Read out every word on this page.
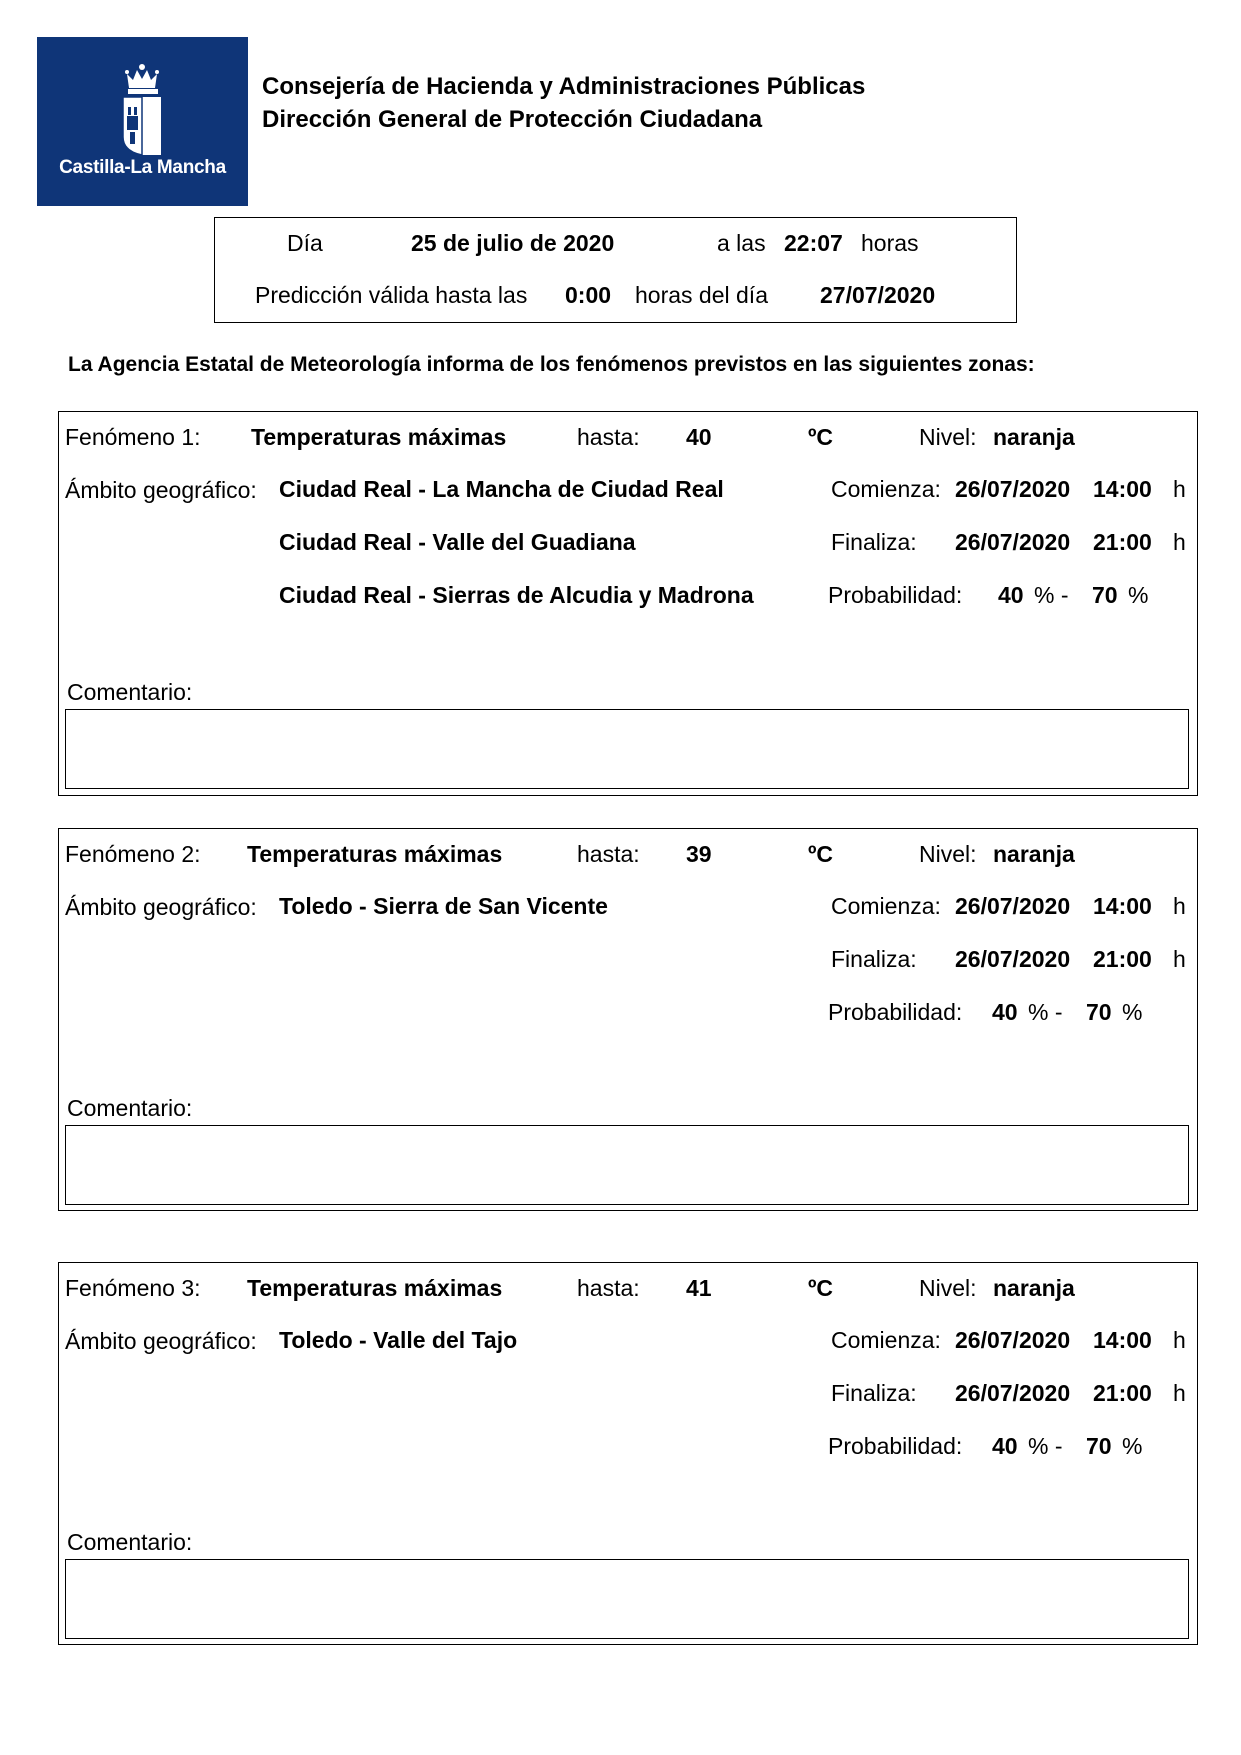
Castilla-La Mancha
Consejería de Hacienda y Administraciones Públicas
Dirección General de Protección Ciudadana
Día	25 de julio de 2020	a las 22:07 horas
Predicción válida hasta las 0:00 horas del día 27/07/2020
La Agencia Estatal de Meteorología informa de los fenómenos previstos en las siguientes zonas:
Fenómeno 1: Temperaturas máximas	hasta: 40	ºC	Nivel: naranja
Ámbito geográfico: Ciudad Real - La Mancha de Ciudad Real
Ciudad Real - Valle del Guadiana
Ciudad Real - Sierras de Alcudia y Madrona
Comienza: 26/07/2020 14:00 h
Finaliza: 26/07/2020 21:00 h
Probabilidad: 40 % - 70 %
Comentario:
Fenómeno 2: Temperaturas máximas	hasta: 39	ºC	Nivel: naranja
Ámbito geográfico: Toledo - Sierra de San Vicente	Comienza: 26/07/2020 14:00 h
Finaliza: 26/07/2020 21:00 h
Probabilidad: 40 % - 70 %
Comentario:
Fenómeno 3: Temperaturas máximas	hasta: 41	ºC	Nivel: naranja
Ámbito geográfico: Toledo - Valle del Tajo	Comienza: 26/07/2020 14:00 h
Finaliza: 26/07/2020 21:00 h
Probabilidad: 40 % - 70 %
Comentario:
